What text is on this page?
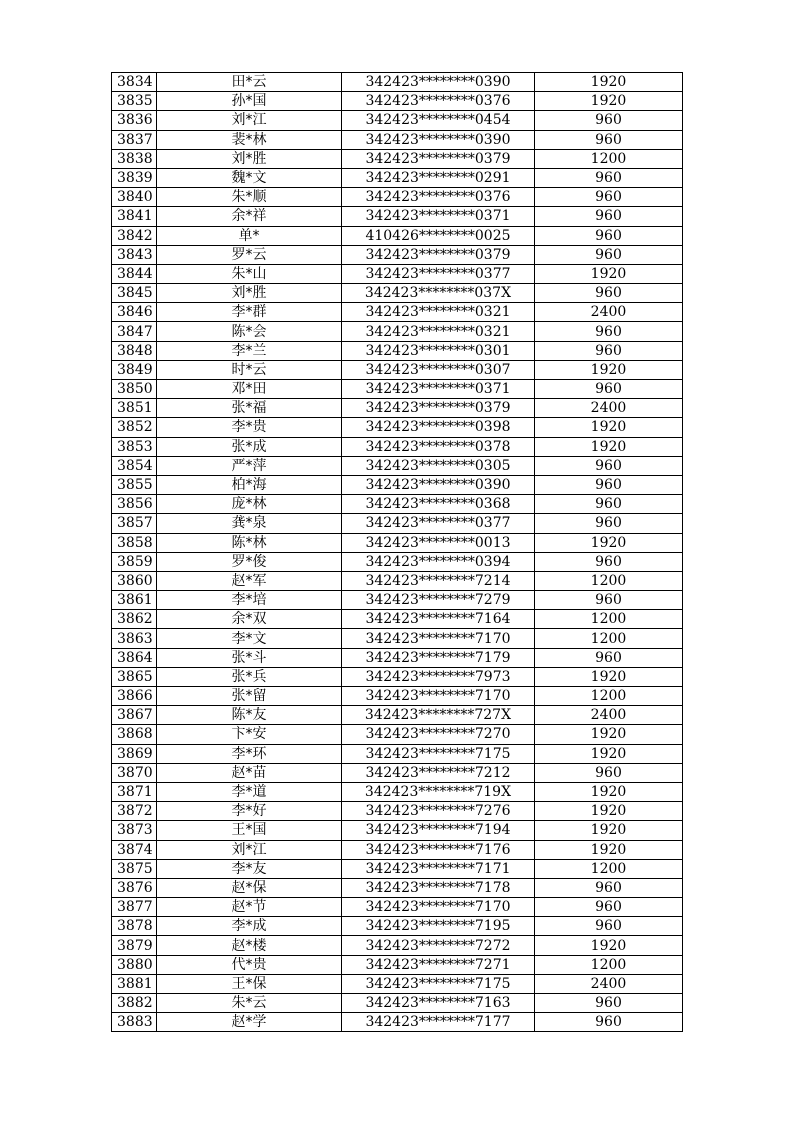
3834	田*云	342423********0390	1920
3835	孙*国	342423********0376	1920
3836	刘*江	342423********0454	960
3837	裴*林	342423********0390	960
3838	刘*胜	342423********0379	1200
3839	魏*文	342423********0291	960
3840	朱*顺	342423********0376	960
3841	余*祥	342423********0371	960
3842	单*	410426********0025	960
3843	罗*云	342423********0379	960
3844	朱*山	342423********0377	1920
3845	刘*胜	342423********037X	960
3846	李*群	342423********0321	2400
3847	陈*会	342423********0321	960
3848	李*兰	342423********0301	960
3849	时*云	342423********0307	1920
3850	邓*田	342423********0371	960
3851	张*福	342423********0379	2400
3852	李*贵	342423********0398	1920
3853	张*成	342423********0378	1920
3854	严*萍	342423********0305	960
3855	柏*海	342423********0390	960
3856	庞*林	342423********0368	960
3857	龚*泉	342423********0377	960
3858	陈*林	342423********0013	1920
3859	罗*俊	342423********0394	960
3860	赵*军	342423********7214	1200
3861	李*培	342423********7279	960
3862	余*双	342423********7164	1200
3863	李*文	342423********7170	1200
3864	张*斗	342423********7179	960
3865	张*兵	342423********7973	1920
3866	张*留	342423********7170	1200
3867	陈*友	342423********727X	2400
3868	卞*安	342423********7270	1920
3869	李*环	342423********7175	1920
3870	赵*苗	342423********7212	960
3871	李*道	342423********719X	1920
3872	李*好	342423********7276	1920
3873	王*国	342423********7194	1920
3874	刘*江	342423********7176	1920
3875	李*友	342423********7171	1200
3876	赵*保	342423********7178	960
3877	赵*节	342423********7170	960
3878	李*成	342423********7195	960
3879	赵*楼	342423********7272	1920
3880	代*贵	342423********7271	1200
3881	王*保	342423********7175	2400
3882	朱*云	342423********7163	960
3883	赵*学	342423********7177	960
